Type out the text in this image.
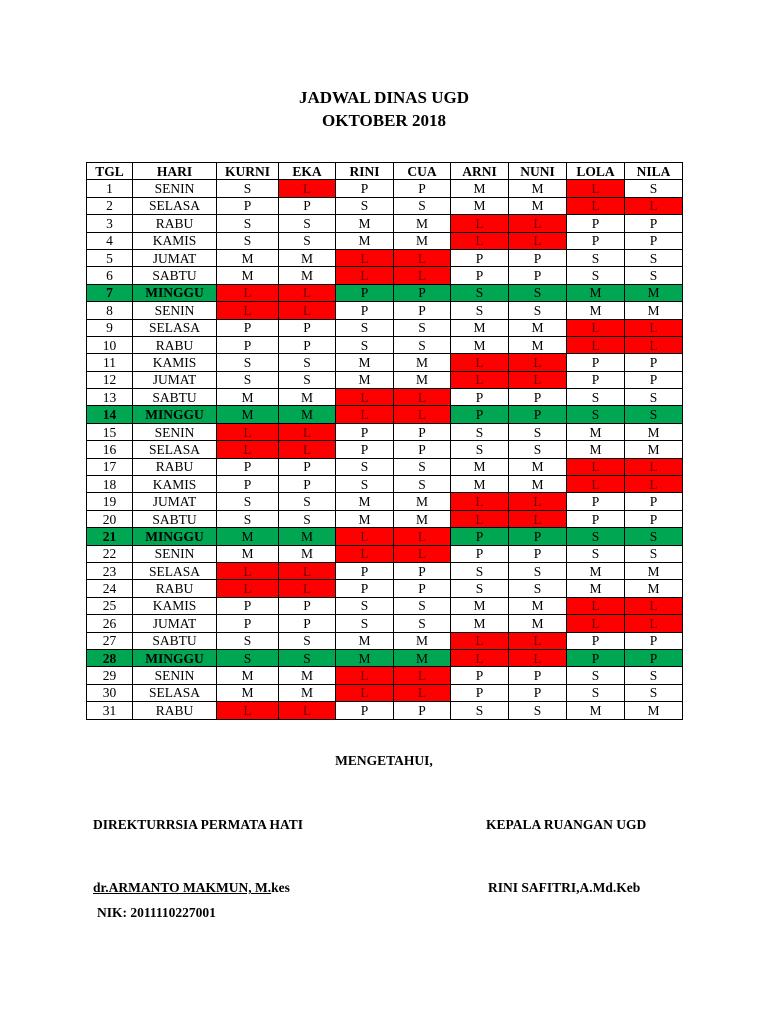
JADWAL DINAS UGD
OKTOBER 2018
TGL	HARI	KURNI	EKA	RINI	CUA	ARNI	NUNI	LOLA	NILA
1	SENIN	S	L	P	P	M	M	L	S
2	SELASA	P	P	S	S	M	M	L	L
3	RABU	S	S	M	M	L	L	P	P
4	KAMIS	S	S	M	M	L	L	P	P
5	JUMAT	M	M	L	L	P	P	S	S
6	SABTU	M	M	L	L	P	P	S	S
7	MINGGU	L	L	P	P	S	S	M	M
8	SENIN	L	L	P	P	S	S	M	M
9	SELASA	P	P	S	S	M	M	L	L
10	RABU	P	P	S	S	M	M	L	L
11	KAMIS	S	S	M	M	L	L	P	P
12	JUMAT	S	S	M	M	L	L	P	P
13	SABTU	M	M	L	L	P	P	S	S
14	MINGGU	M	M	L	L	P	P	S	S
15	SENIN	L	L	P	P	S	S	M	M
16	SELASA	L	L	P	P	S	S	M	M
17	RABU	P	P	S	S	M	M	L	L
18	KAMIS	P	P	S	S	M	M	L	L
19	JUMAT	S	S	M	M	L	L	P	P
20	SABTU	S	S	M	M	L	L	P	P
21	MINGGU	M	M	L	L	P	P	S	S
22	SENIN	M	M	L	L	P	P	S	S
23	SELASA	L	L	P	P	S	S	M	M
24	RABU	L	L	P	P	S	S	M	M
25	KAMIS	P	P	S	S	M	M	L	L
26	JUMAT	P	P	S	S	M	M	L	L
27	SABTU	S	S	M	M	L	L	P	P
28	MINGGU	S	S	M	M	L	L	P	P
29	SENIN	M	M	L	L	P	P	S	S
30	SELASA	M	M	L	L	P	P	S	S
31	RABU	L	L	P	P	S	S	M	M
MENGETAHUI,
DIREKTURRSIA PERMATA HATI	KEPALA RUANGAN UGD
dr.ARMANTO MAKMUN, M.kes	RINI SAFITRI,A.Md.Keb
NIK: 2011110227001
